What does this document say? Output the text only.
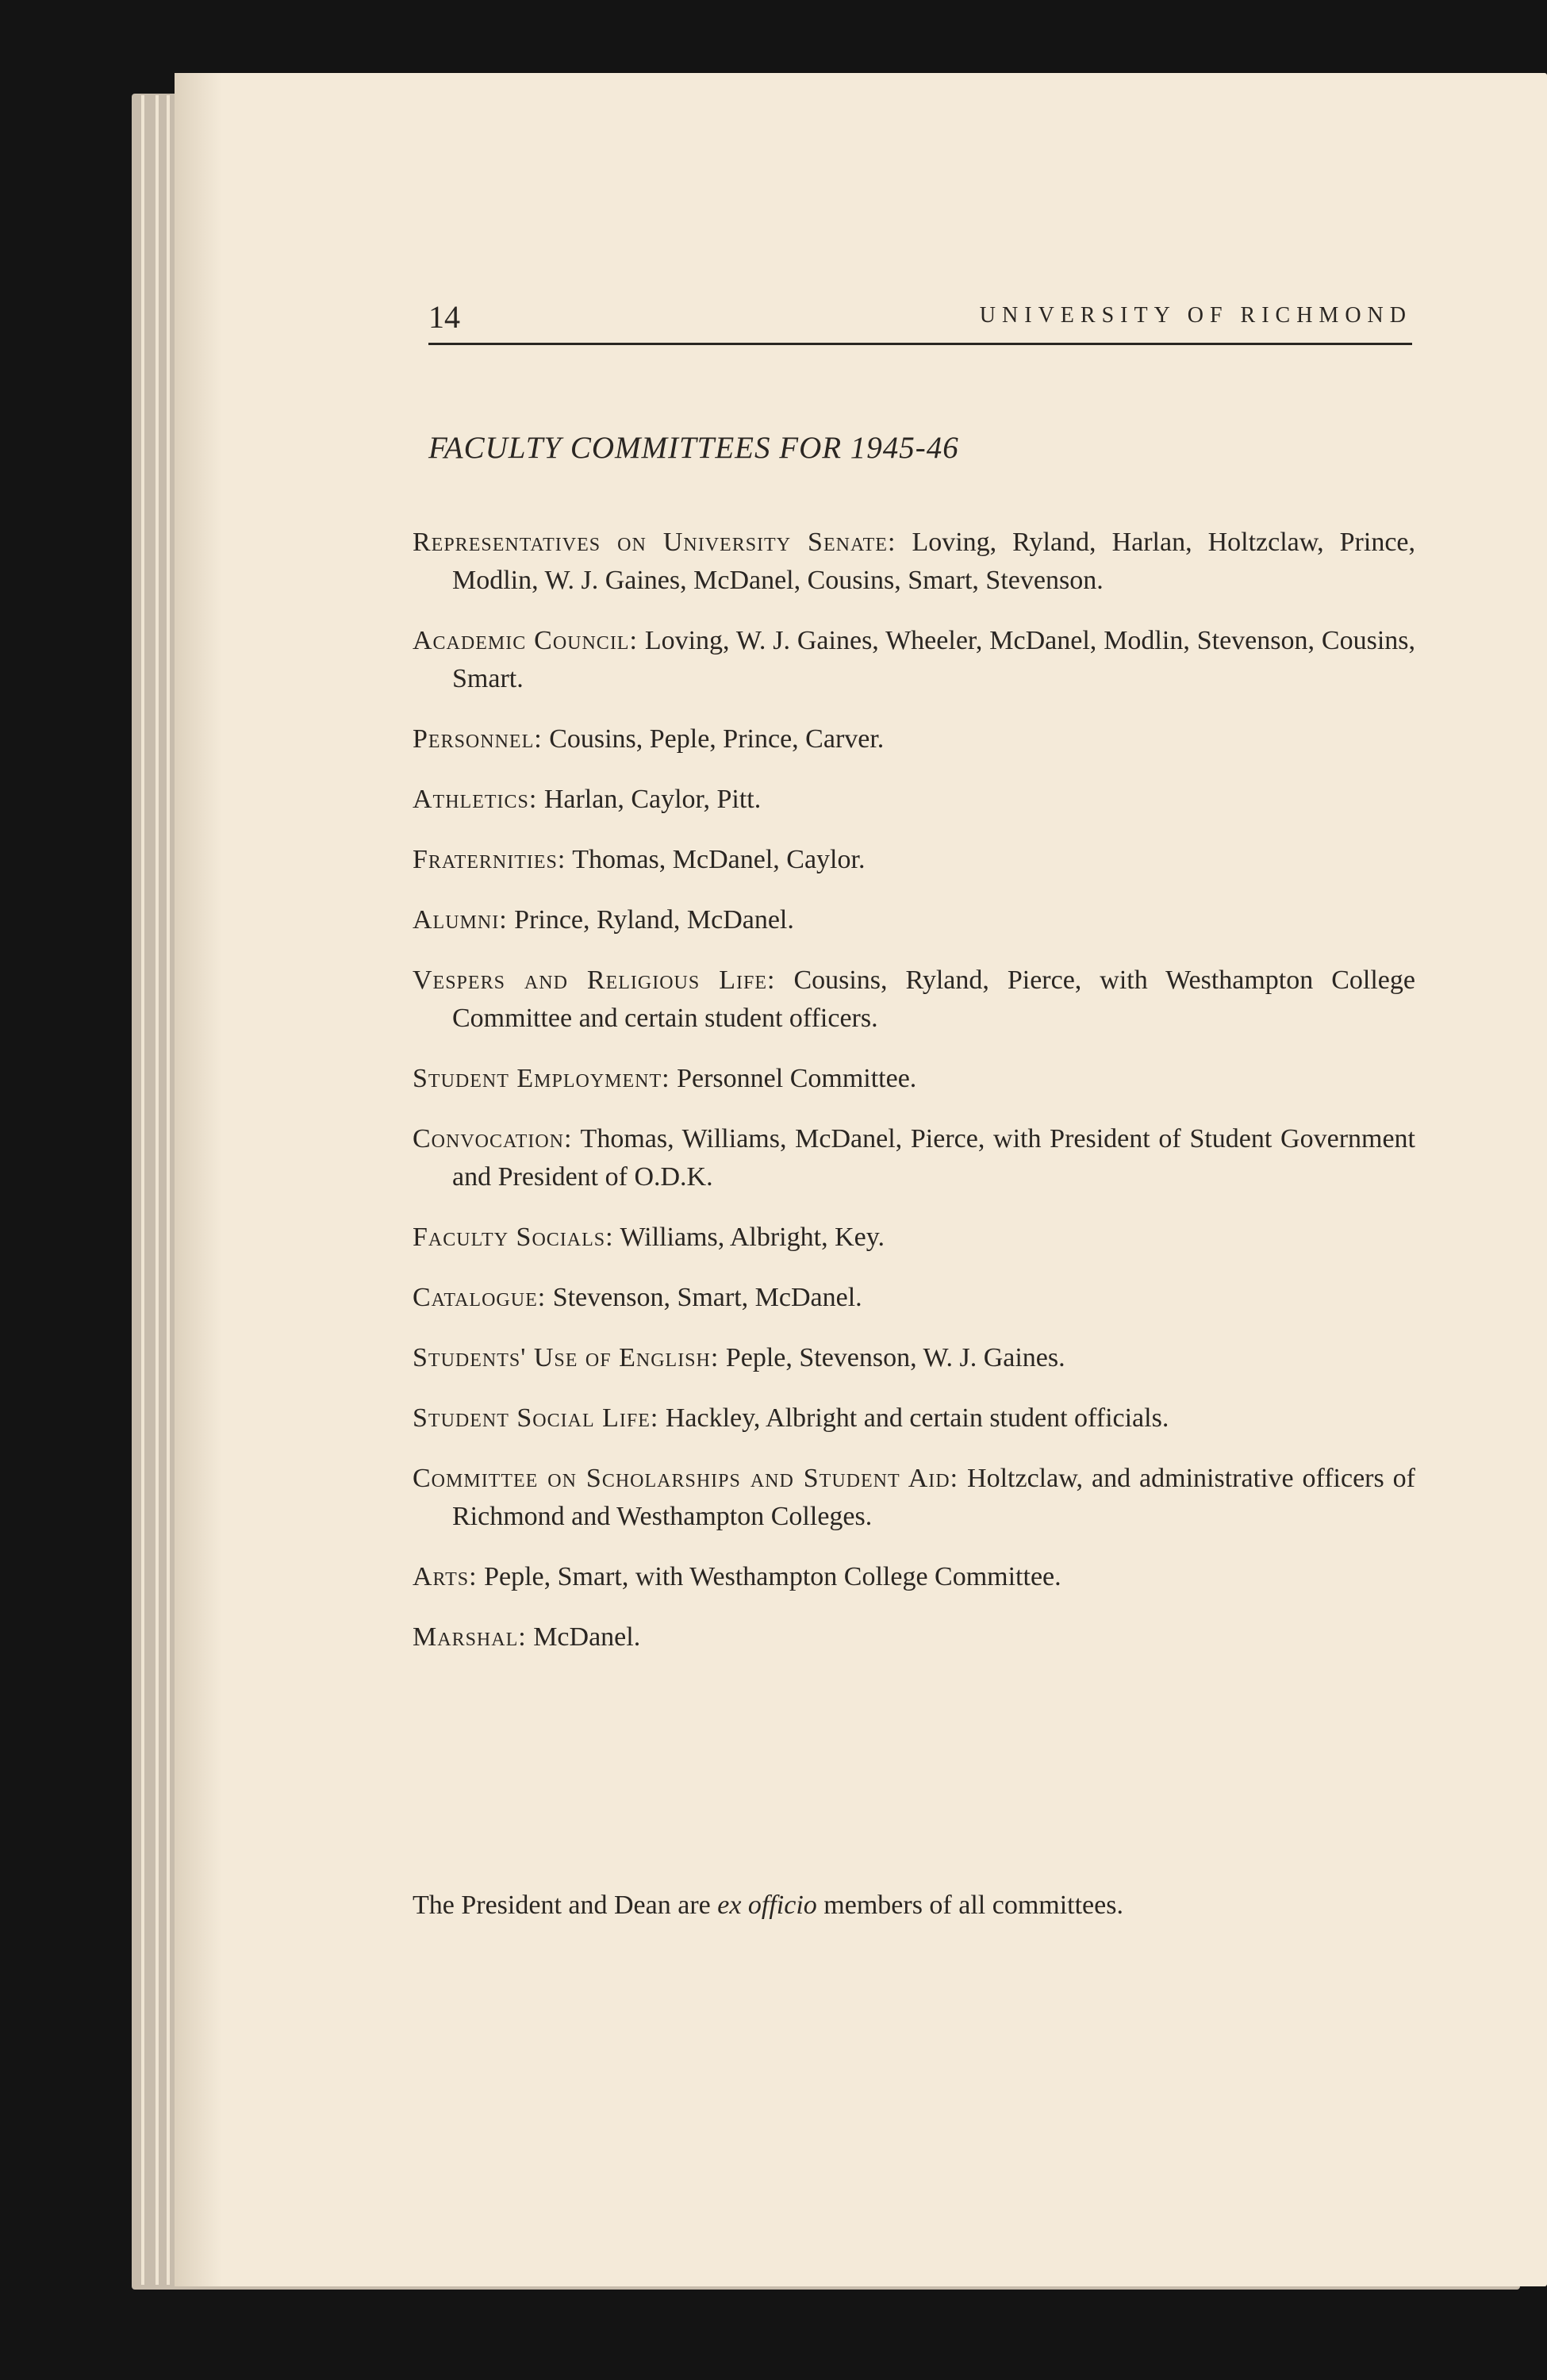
14	UNIVERSITY OF RICHMOND
FACULTY COMMITTEES FOR 1945-46
Representatives on University Senate: Loving, Ryland, Harlan, Holtzclaw, Prince, Modlin, W. J. Gaines, McDanel, Cousins, Smart, Stevenson.
Academic Council: Loving, W. J. Gaines, Wheeler, McDanel, Modlin, Stevenson, Cousins, Smart.
Personnel: Cousins, Peple, Prince, Carver.
Athletics: Harlan, Caylor, Pitt.
Fraternities: Thomas, McDanel, Caylor.
Alumni: Prince, Ryland, McDanel.
Vespers and Religious Life: Cousins, Ryland, Pierce, with Westhampton College Committee and certain student officers.
Student Employment: Personnel Committee.
Convocation: Thomas, Williams, McDanel, Pierce, with President of Student Government and President of O.D.K.
Faculty Socials: Williams, Albright, Key.
Catalogue: Stevenson, Smart, McDanel.
Students' Use of English: Peple, Stevenson, W. J. Gaines.
Student Social Life: Hackley, Albright and certain student officials.
Committee on Scholarships and Student Aid: Holtzclaw, and administrative officers of Richmond and Westhampton Colleges.
Arts: Peple, Smart, with Westhampton College Committee.
Marshal: McDanel.
The President and Dean are ex officio members of all committees.
